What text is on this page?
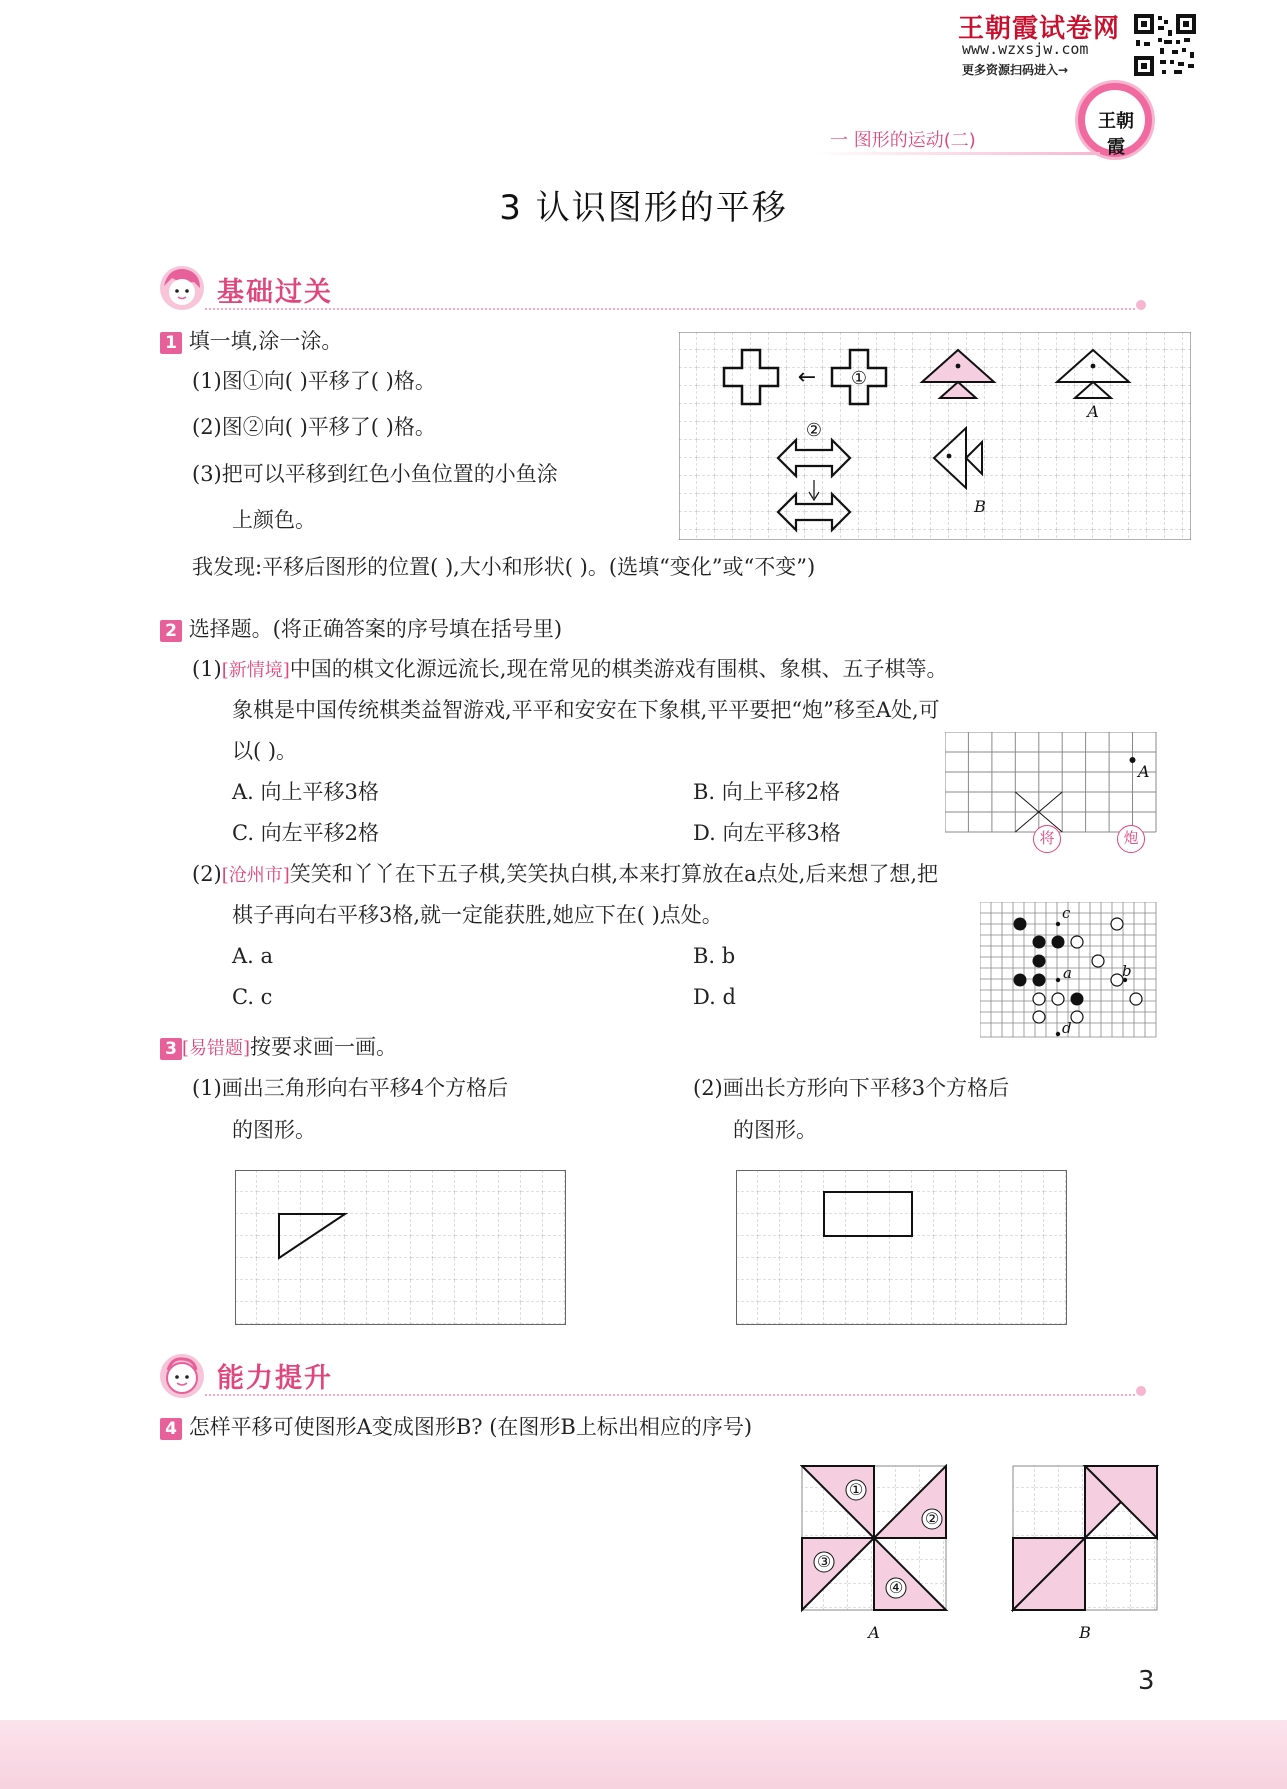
王朝霞试卷网
www.wzxsjw.com
更多资源扫码进入→
王朝霞
一 图形的运动(二)
3 认识图形的平移
基础过关
1 填一填,涂一涂。
(1)图①向( )平移了( )格。
(2)图②向( )平移了( )格。
(3)把可以平移到红色小鱼位置的小鱼涂
上颜色。
我发现:平移后图形的位置( ),大小和形状( )。(选填“变化”或“不变”)
← ①
A
②
B
2 选择题。(将正确答案的序号填在括号里)
(1)[新情境]中国的棋文化源远流长,现在常见的棋类游戏有围棋、象棋、五子棋等。
象棋是中国传统棋类益智游戏,平平和安安在下象棋,平平要把“炮”移至A处,可
以( )。
A. 向上平移3格	B. 向上平移2格
C. 向左平移2格	D. 向左平移3格
A
将	炮
(2)[沧州市]笑笑和丫丫在下五子棋,笑笑执白棋,本来打算放在a点处,后来想了想,把
棋子再向右平移3格,就一定能获胜,她应下在( )点处。
A. a	B. b
C. c	D. d
c
a	b
d
3 [易错题]按要求画一画。
(1)画出三角形向右平移4个方格后
的图形。
(2)画出长方形向下平移3个方格后
的图形。
能力提升
4 怎样平移可使图形A变成图形B? (在图形B上标出相应的序号)
①
②
③
④
A	B
3
